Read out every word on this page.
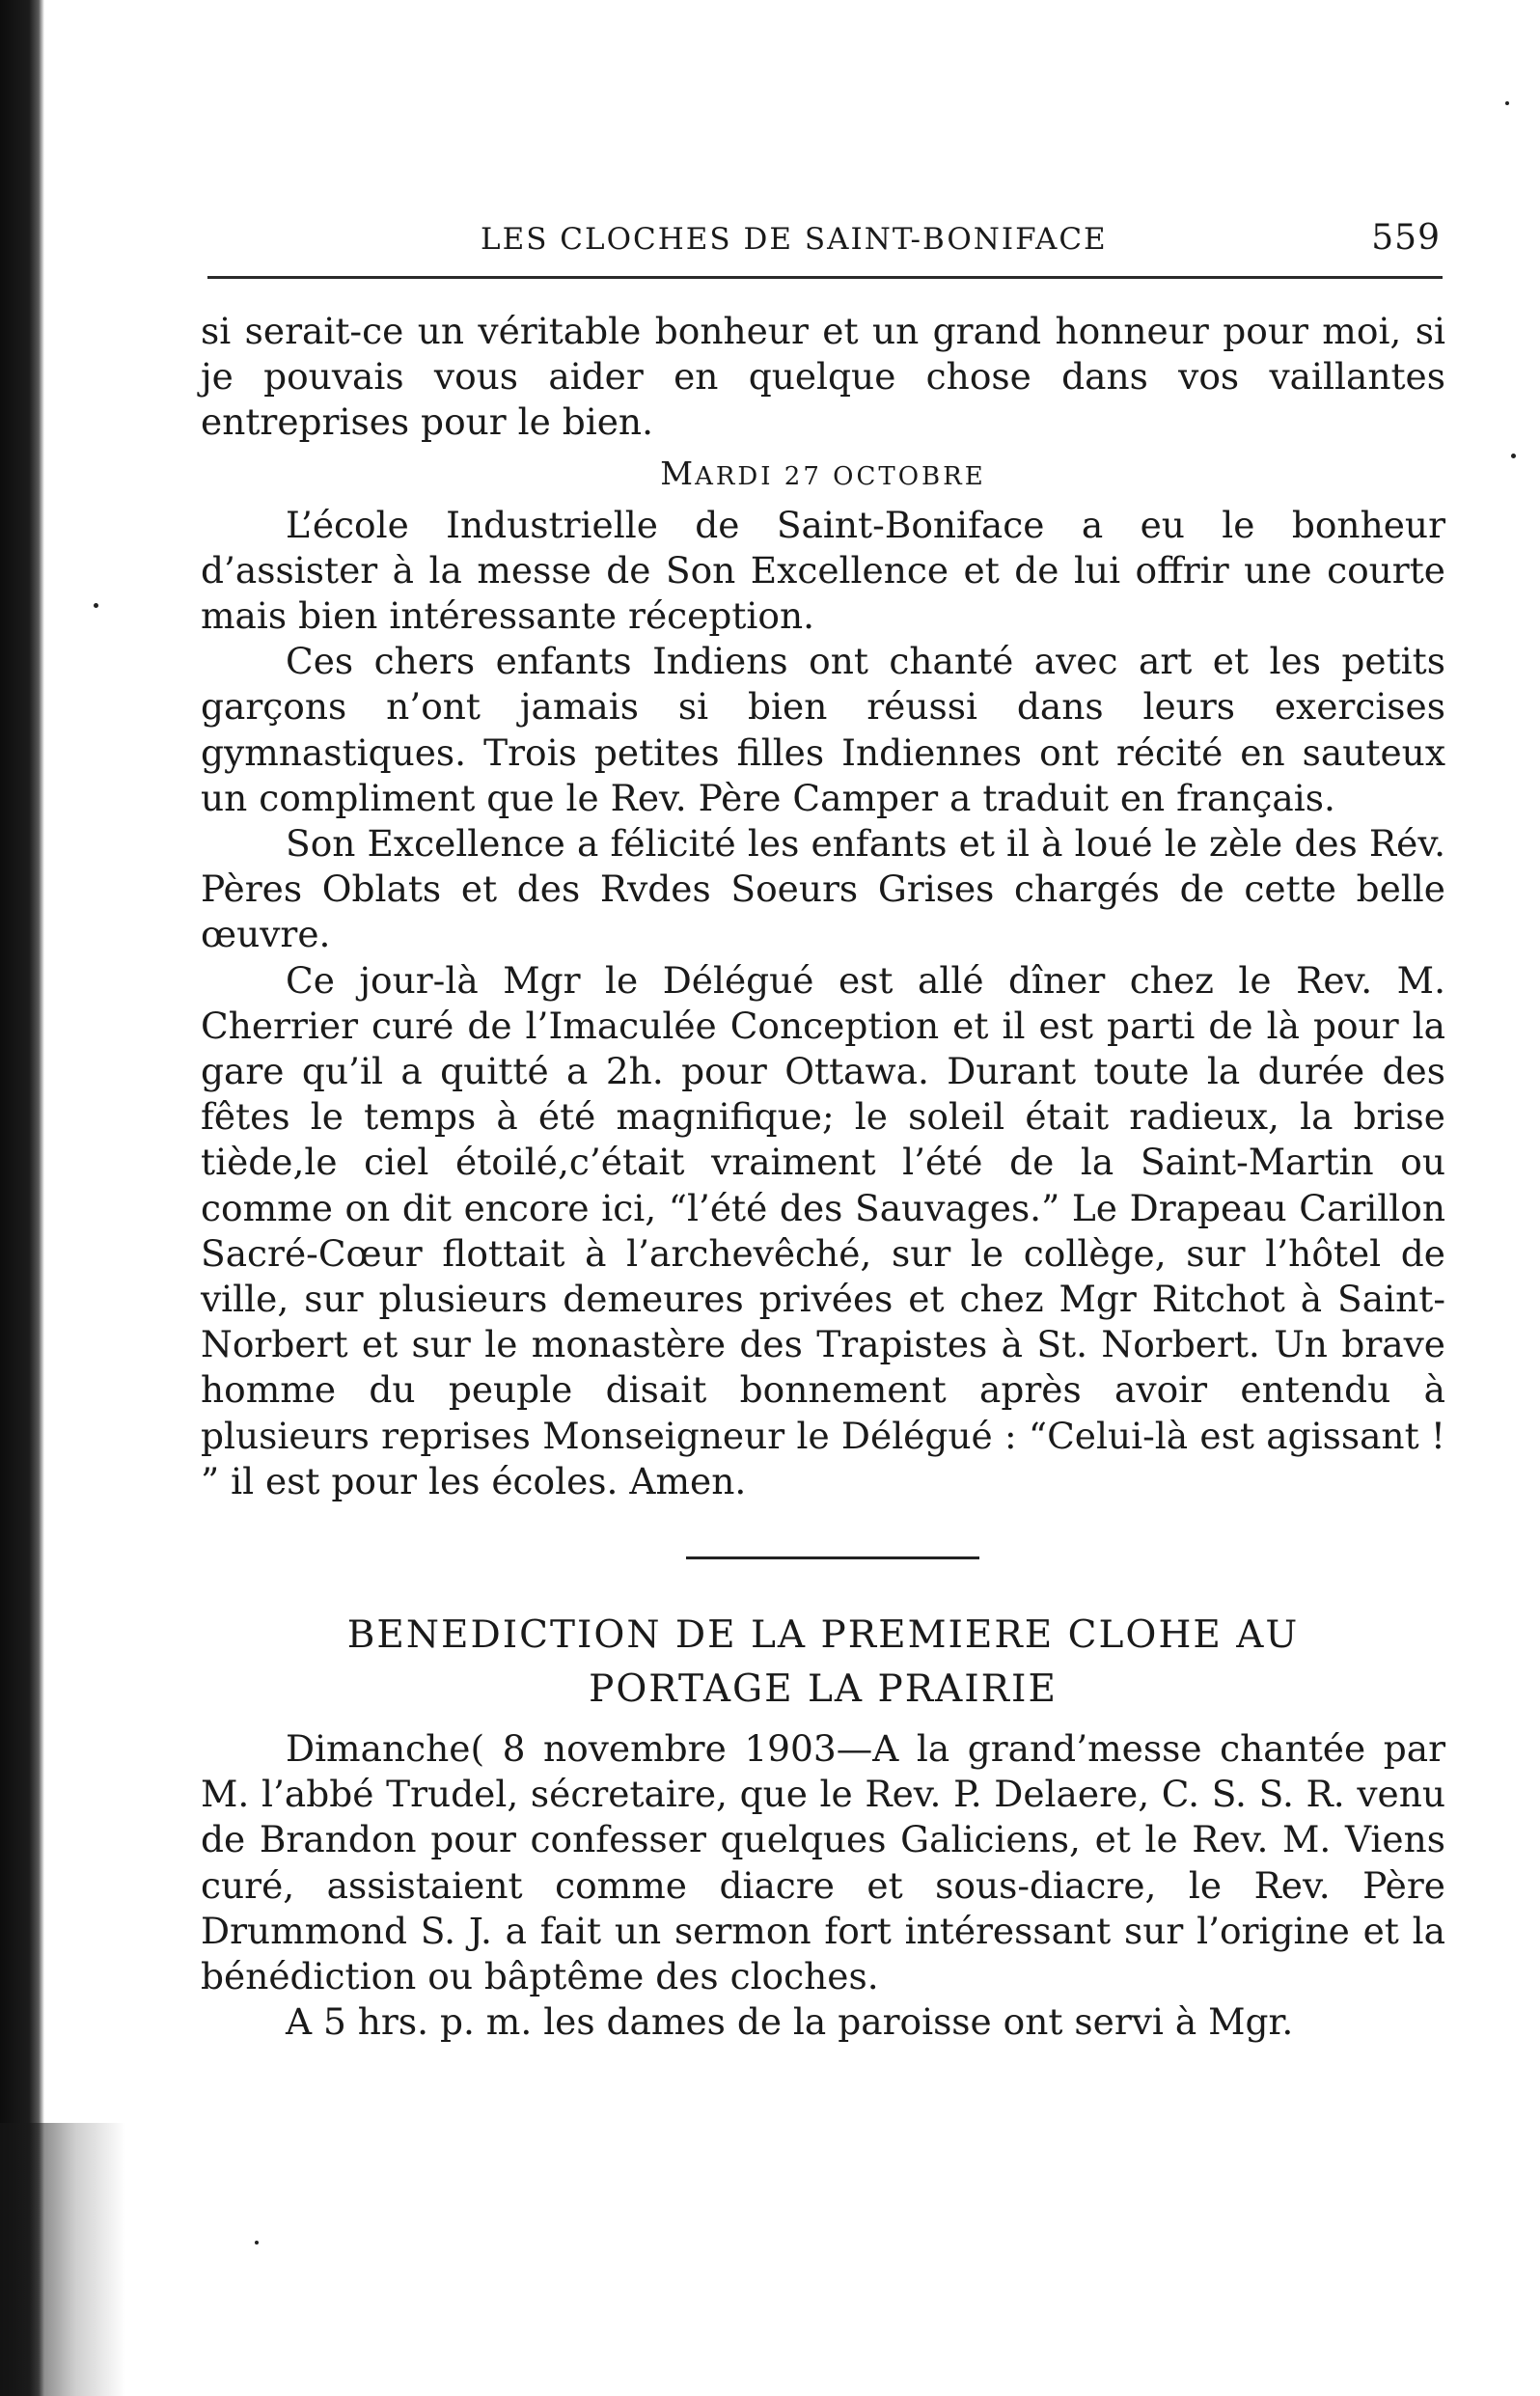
LES CLOCHES DE SAINT-BONIFACE	559

si serait-ce un véritable bonheur et un grand honneur pour moi, si je pouvais vous aider en quelque chose dans vos vaillantes entreprises pour le bien.

MARDI 27 OCTOBRE

L’école Industrielle de Saint-Boniface a eu le bonheur d’assister à la messe de Son Excellence et de lui offrir une courte mais bien intéressante réception.

Ces chers enfants Indiens ont chanté avec art et les petits garçons n’ont jamais si bien réussi dans leurs exercises gymnastiques. Trois petites filles Indiennes ont récité en sauteux un compliment que le Rev. Père Camper a traduit en français.

Son Excellence a félicité les enfants et il à loué le zèle des Rév. Pères Oblats et des Rvdes Soeurs Grises chargés de cette belle œuvre.

Ce jour-là Mgr le Délégué est allé dîner chez le Rev. M. Cherrier curé de l’Imaculée Conception et il est parti de là pour la gare qu’il a quitté a 2h. pour Ottawa. Durant toute la durée des fêtes le temps à été magnifique; le soleil était radieux, la brise tiède,le ciel étoilé,c’était vraiment l’été de la Saint-Martin ou comme on dit encore ici, “l’été des Sauvages.” Le Drapeau Carillon Sacré-Cœur flottait à l’archevêché, sur le collège, sur l’hôtel de ville, sur plusieurs demeures privées et chez Mgr Ritchot à Saint-Norbert et sur le monastère des Trapistes à St. Norbert. Un brave homme du peuple disait bonnement après avoir entendu à plusieurs reprises Monseigneur le Délégué : “Celui-là est agissant ! ” il est pour les écoles. Amen.

BENEDICTION DE LA PREMIERE CLOHE AU
PORTAGE LA PRAIRIE

Dimanche( 8 novembre 1903—A la grand’messe chantée par M. l’abbé Trudel, sécretaire, que le Rev. P. Delaere, C. S. S. R. venu de Brandon pour confesser quelques Galiciens, et le Rev. M. Viens curé, assistaient comme diacre et sous-diacre, le Rev. Père Drummond S. J. a fait un sermon fort intéressant sur l’origine et la bénédiction ou bâptême des cloches.

A 5 hrs. p. m. les dames de la paroisse ont servi à Mgr.
